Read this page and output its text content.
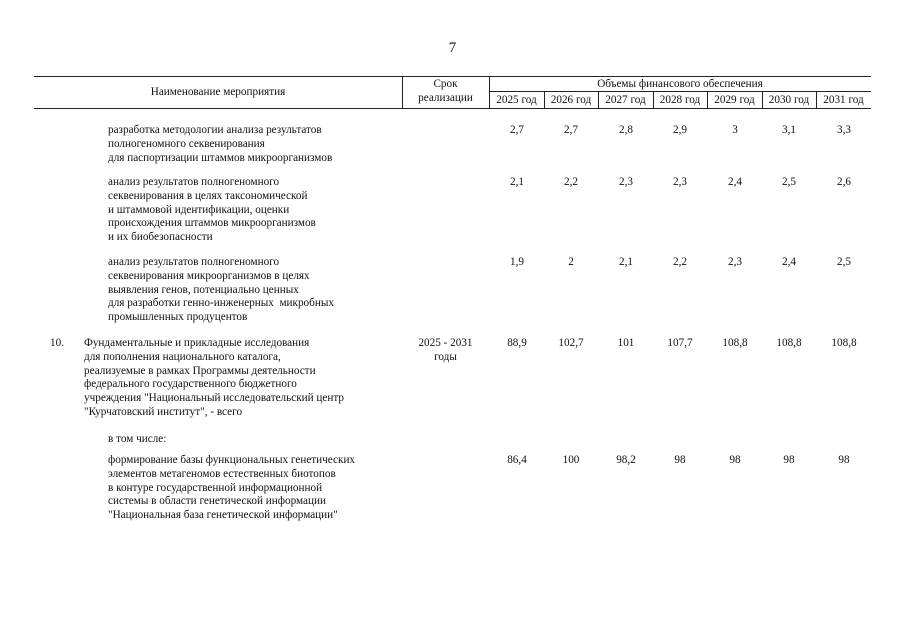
7
Наименование мероприятия
Срок
реализации
Объемы финансового обеспечения
2025 год	2026 год	2027 год	2028 год	2029 год	2030 год	2031 год
разработка методологии анализа результатов
полногеномного секвенирования
для паспортизации штаммов микроорганизмов
2,7	2,7	2,8	2,9	3	3,1	3,3
анализ результатов полногеномного
секвенирования в целях таксономической
и штаммовой идентификации, оценки
происхождения штаммов микроорганизмов
и их биобезопасности
2,1	2,2	2,3	2,3	2,4	2,5	2,6
анализ результатов полногеномного
секвенирования микроорганизмов в целях
выявления генов, потенциально ценных
для разработки генно-инженерных  микробных
промышленных продуцентов
1,9	2	2,1	2,2	2,3	2,4	2,5
10. Фундаментальные и прикладные исследования
для пополнения национального каталога,
реализуемые в рамках Программы деятельности
федерального государственного бюджетного
учреждения "Национальный исследовательский центр
"Курчатовский институт", - всего
2025 - 2031
годы
88,9	102,7	101	107,7	108,8	108,8	108,8
в том числе:
формирование базы функциональных генетических
элементов метагеномов естественных биотопов
в контуре государственной информационной
системы в области генетической информации
"Национальная база генетической информации"
86,4	100	98,2	98	98	98	98
